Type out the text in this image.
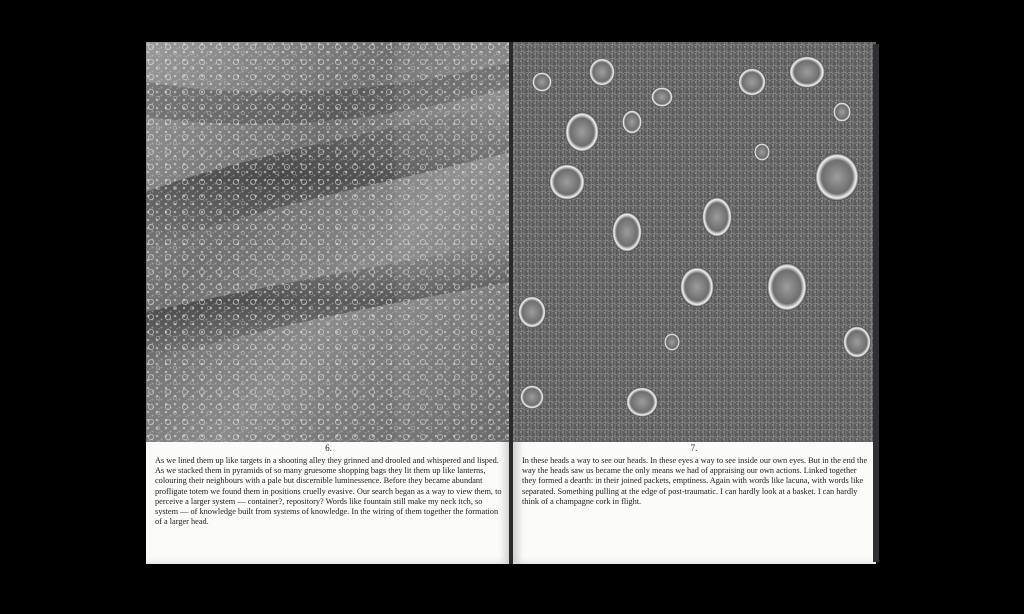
6.

As we lined them up like targets in a shooting alley they grinned and drooled and whispered and lisped. As we stacked them in pyramids of so many gruesome shopping bags they lit them up like lanterns, colouring their neighbours with a pale but discernible luminessence. Before they became abundant profligate totem we found them in positions cruelly evasive. Our search began as a way to view them, to perceive a larger system — container?, repository? Words like fountain still make my neck itch, so system — of knowledge built from systems of knowledge. In the wiring of them together the formation of a larger head.

7.

In these heads a way to see our heads. In these eyes a way to see inside our own eyes. But in the end the way the heads saw us became the only means we had of appraising our own actions. Linked together they formed a dearth: in their joined packets, emptiness. Again with words like lacuna, with words like separated. Something pulling at the edge of post-traumatic. I can hardly look at a basket. I can hardly think of a champagne cork in flight.
